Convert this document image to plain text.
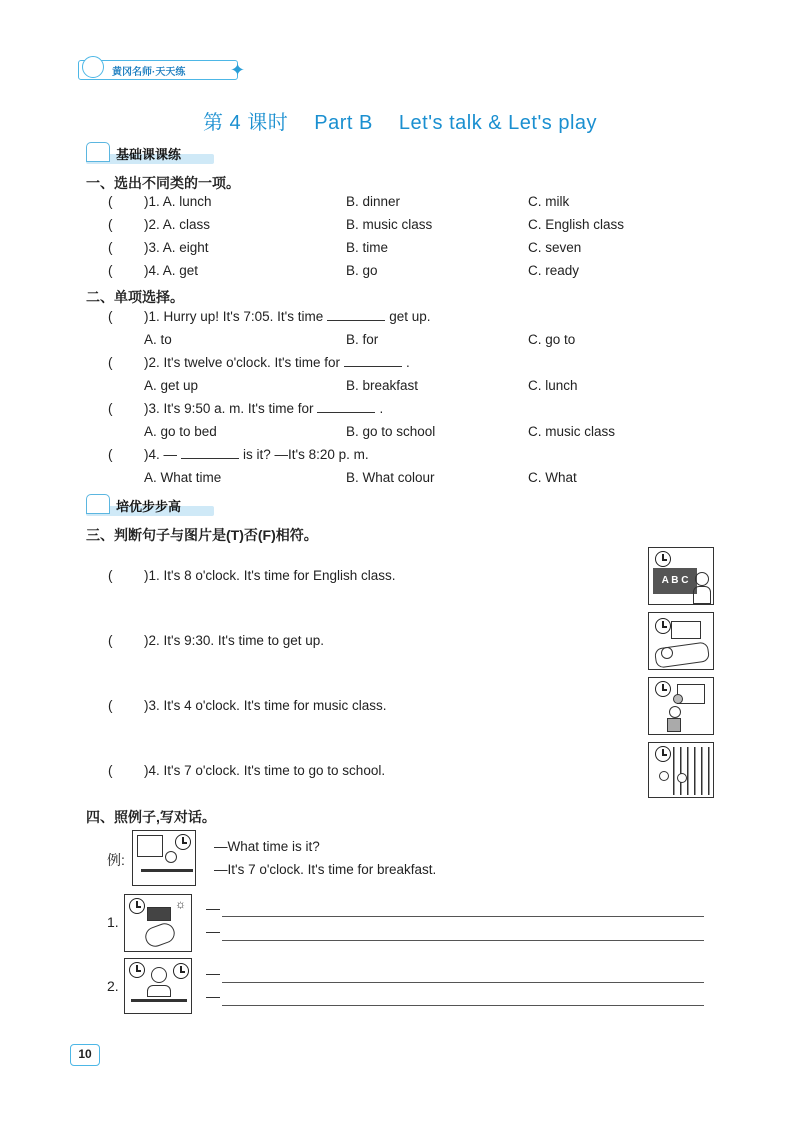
黄冈名师·天天练 ✦
第 4 课时 Part B Let's talk & Let's play
基础课课练
一、选出不同类的一项。
( )1. A. lunch	B. dinner	C. milk
( )2. A. class	B. music class	C. English class
( )3. A. eight	B. time	C. seven
( )4. A. get	B. go	C. ready
二、单项选择。
( )1. Hurry up! It's 7:05. It's time	get up.
A. to	B. for	C. go to
( )2. It's twelve o'clock. It's time for	.
A. get up	B. breakfast	C. lunch
( )3. It's 9:50 a. m. It's time for	.
A. go to bed	B. go to school	C. music class
( )4. —	is it? —It's 8:20 p. m.
A. What time	B. What colour	C. What
培优步步高
三、判断句子与图片是(T)否(F)相符。
( )1. It's 8 o'clock. It's time for English class.	A B C
( )2. It's 9:30. It's time to get up.
( )3. It's 4 o'clock. It's time for music class.
( )4. It's 7 o'clock. It's time to go to school.
四、照例子,写对话。
例:
—What time is it?
—It's 7 o'clock. It's time for breakfast.
1.
☼ —
—
2.
—
—
10
